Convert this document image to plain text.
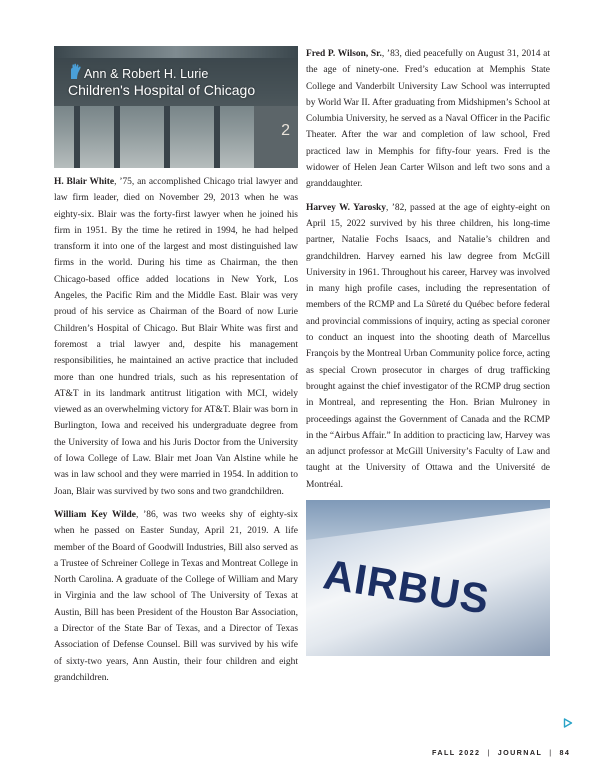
Ann & Robert H. Lurie
Children's Hospital of Chicago
2

H. Blair White, ’75, an accomplished Chicago trial lawyer and law firm leader, died on November 29, 2013 when he was eighty-six. Blair was the forty-first lawyer when he joined his firm in 1951. By the time he retired in 1994, he had helped transform it into one of the largest and most distinguished law firms in the world. During his time as Chairman, the then Chicago-based office added locations in New York, Los Angeles, the Pacific Rim and the Middle East. Blair was very proud of his service as Chairman of the Board of now Lurie Children’s Hospital of Chicago. But Blair White was first and foremost a trial lawyer and, despite his management responsibilities, he maintained an active practice that included more than one hundred trials, such as his representation of AT&T in its landmark antitrust litigation with MCI, widely viewed as an overwhelming victory for AT&T. Blair was born in Burlington, Iowa and received his undergraduate degree from the University of Iowa and his Juris Doctor from the University of Iowa College of Law. Blair met Joan Van Alstine while he was in law school and they were married in 1954. In addition to Joan, Blair was survived by two sons and two grandchildren.

William Key Wilde, ’86, was two weeks shy of eighty-six when he passed on Easter Sunday, April 21, 2019. A life member of the Board of Goodwill Industries, Bill also served as a Trustee of Schreiner College in Texas and Montreat College in North Carolina. A graduate of the College of William and Mary in Virginia and the law school of The University of Texas at Austin, Bill has been President of the Houston Bar Association, a Director of the State Bar of Texas, and a Director of Texas Association of Defense Counsel. Bill was survived by his wife of sixty-two years, Ann Austin, their four children and eight grandchildren.

Fred P. Wilson, Sr., ’83, died peacefully on August 31, 2014 at the age of ninety-one. Fred’s education at Memphis State College and Vanderbilt University Law School was interrupted by World War II. After graduating from Midshipmen’s School at Columbia University, he served as a Naval Officer in the Pacific Theater. After the war and completion of law school, Fred practiced law in Memphis for fifty-four years. Fred is the widower of Helen Jean Carter Wilson and left two sons and a granddaughter.

Harvey W. Yarosky, ’82, passed at the age of eighty-eight on April 15, 2022 survived by his three children, his long-time partner, Natalie Fochs Isaacs, and Natalie’s children and grandchildren. Harvey earned his law degree from McGill University in 1961. Throughout his career, Harvey was involved in many high profile cases, including the representation of members of the RCMP and La Sûreté du Québec before federal and provincial commissions of inquiry, acting as special coroner to conduct an inquest into the shooting death of Marcellus François by the Montreal Urban Community police force, acting as special Crown prosecutor in charges of drug trafficking brought against the chief investigator of the RCMP drug section in Montreal, and representing the Hon. Brian Mulroney in proceedings against the Government of Canada and the RCMP in the “Airbus Affair.” In addition to practicing law, Harvey was an adjunct professor at McGill University’s Faculty of Law and taught at the University of Ottawa and the Université de Montréal.

AIRBUS
FALL 2022 | JOURNAL | 84
